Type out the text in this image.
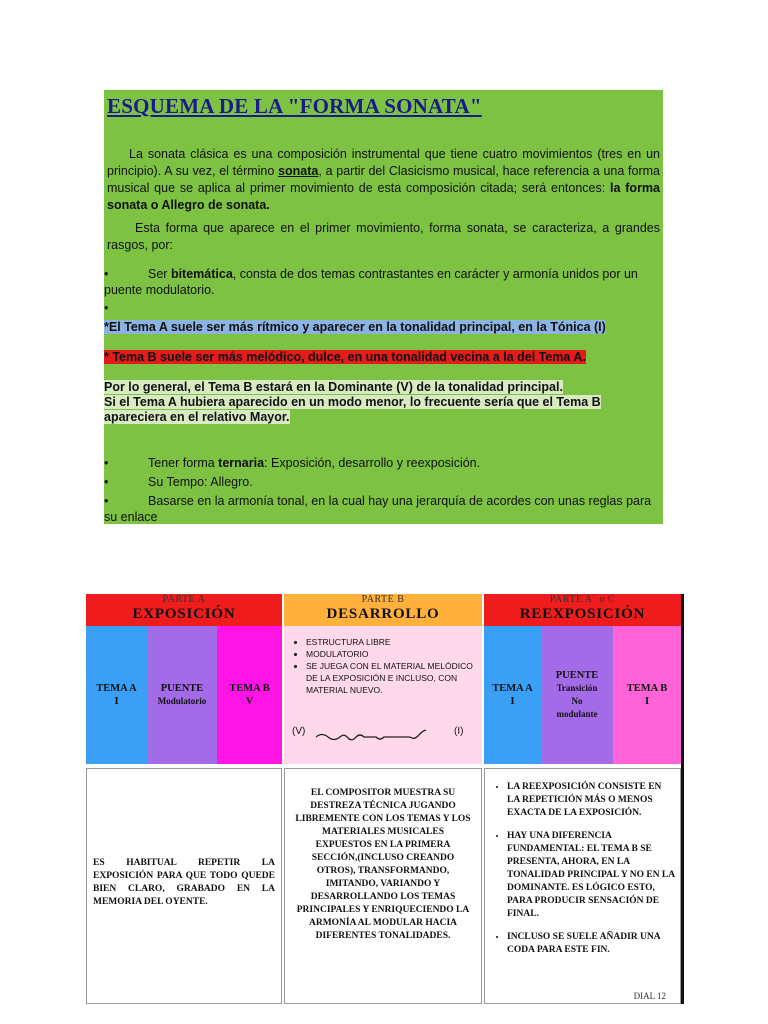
ESQUEMA DE LA "FORMA SONATA"
La sonata clásica es una composición instrumental que tiene cuatro movimientos (tres en un principio). A su vez, el término sonata, a partir del Clasicismo musical, hace referencia a una forma musical que se aplica al primer movimiento de esta composición citada; será entonces: la forma sonata o Allegro de sonata.
Esta forma que aparece en el primer movimiento, forma sonata, se caracteriza, a grandes rasgos, por:
•	Ser bitemática, consta de dos temas contrastantes en carácter y armonía unidos por un
puente modulatorio.
•
*El Tema A suele ser más rítmico y aparecer en la tonalidad principal, en la Tónica (I)
* Tema B suele ser más melódico, dulce, en una tonalidad vecina a la del Tema A.
Por lo general, el Tema B estará en la Dominante (V) de la tonalidad principal.
Si el Tema A hubiera aparecido en un modo menor, lo frecuente sería que el Tema B
apareciera en el relativo Mayor.
•	Tener forma ternaria: Exposición, desarrollo y reexposición.
•	Su Tempo: Allegro.
•	Basarse en la armonía tonal, en la cual hay una jerarquía de acordes con unas reglas para
su enlace
PARTE A
EXPOSICIÓN
PARTE B
DESARROLLO
PARTE A´ o C
REEXPOSICIÓN
TEMA A
I
PUENTE
Modulatorio
TEMA B
V
• ESTRUCTURA LIBRE
• MODULATORIO
• SE JUEGA CON EL MATERIAL MELÓDICO DE LA EXPOSICIÓN E INCLUSO, CON MATERIAL NUEVO.
(V)	(I)
TEMA A
I
PUENTE
Transición
No
modulante
TEMA B
I
ES HABITUAL REPETIR LA EXPOSICIÓN PARA QUE TODO QUEDE BIEN CLARO, GRABADO EN LA MEMORIA DEL OYENTE.
EL COMPOSITOR MUESTRA SU DESTREZA TÉCNICA JUGANDO LIBREMENTE CON LOS TEMAS Y LOS MATERIALES MUSICALES EXPUESTOS EN LA PRIMERA SECCIÓN,(INCLUSO CREANDO OTROS), TRANSFORMANDO, IMITANDO, VARIANDO Y DESARROLLANDO LOS TEMAS PRINCIPALES Y ENRIQUECIENDO LA ARMONÍA AL MODULAR HACIA DIFERENTES TONALIDADES.
• LA REEXPOSICIÓN CONSISTE EN LA REPETICIÓN MÁS O MENOS EXACTA DE LA EXPOSICIÓN.
• HAY UNA DIFERENCIA FUNDAMENTAL: EL TEMA B SE PRESENTA, AHORA, EN LA TONALIDAD PRINCIPAL Y NO EN LA DOMINANTE. ES LÓGICO ESTO, PARA PRODUCIR SENSACIÓN DE FINAL.
• INCLUSO SE SUELE AÑADIR UNA CODA PARA ESTE FIN.
DIAL 12
